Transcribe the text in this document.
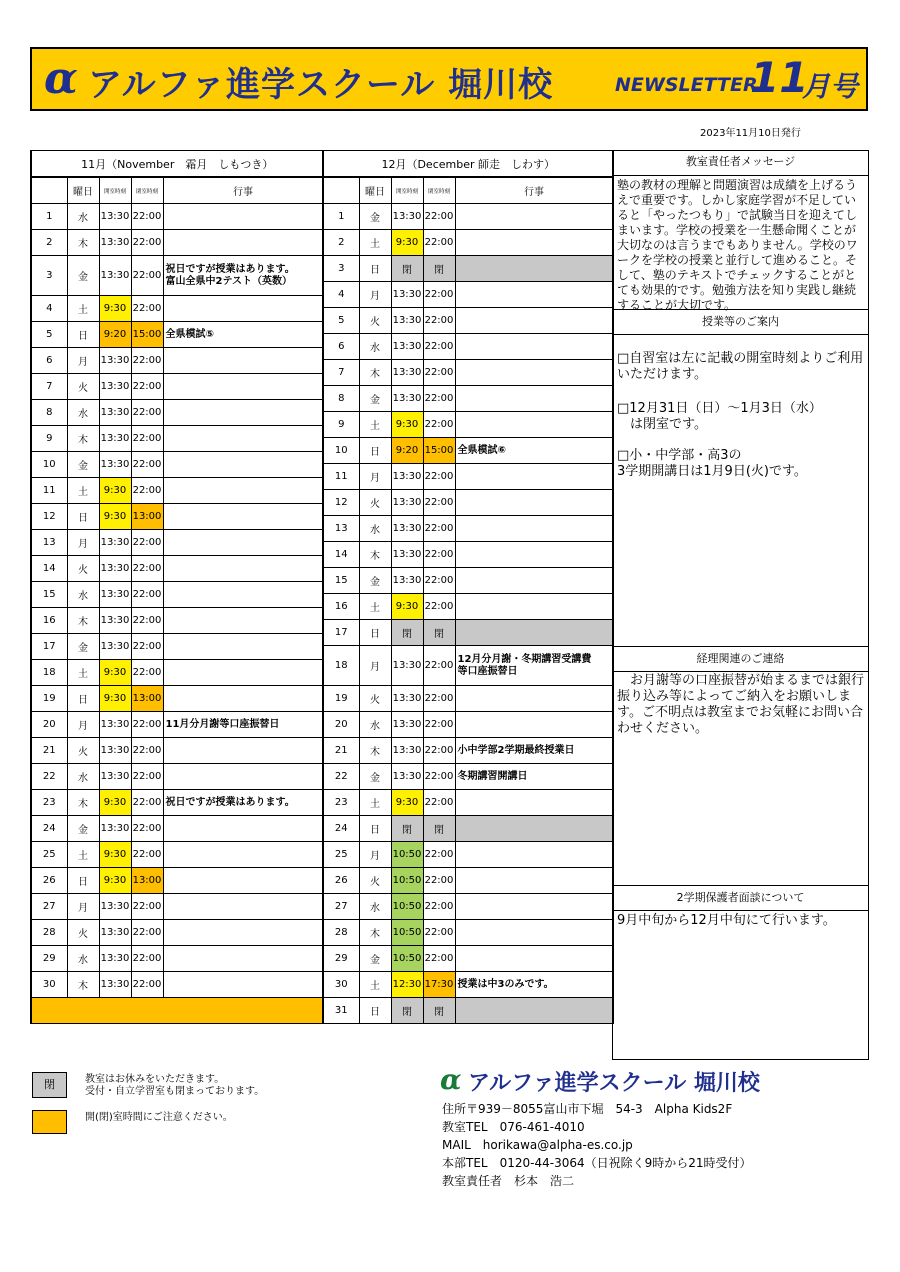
α アルファ進学スクール 堀川校	NEWSLETTER
11
月号
2023年11月10日発行
11月（November　霜月　しもつき）				
	曜日	開室時刻	閉室時刻	行事
1	水	13:30	22:00	
2	木	13:30	22:00	
3	金	13:30	22:00	祝日ですが授業はあります。
富山全県中2テスト（英数）
4	土	9:30	22:00	
5	日	9:20	15:00	全県模試⑤
6	月	13:30	22:00	
7	火	13:30	22:00	
8	水	13:30	22:00	
9	木	13:30	22:00	
10	金	13:30	22:00	
11	土	9:30	22:00	
12	日	9:30	13:00	
13	月	13:30	22:00	
14	火	13:30	22:00	
15	水	13:30	22:00	
16	木	13:30	22:00	
17	金	13:30	22:00	
18	土	9:30	22:00	
19	日	9:30	13:00	
20	月	13:30	22:00	11月分月謝等口座振替日
21	火	13:30	22:00	
22	水	13:30	22:00	
23	木	9:30	22:00	祝日ですが授業はあります。
24	金	13:30	22:00	
25	土	9:30	22:00	
26	日	9:30	13:00	
27	月	13:30	22:00	
28	火	13:30	22:00	
29	水	13:30	22:00	
30	木	13:30	22:00	

12月（December 師走　しわす）				
	曜日	開室時刻	閉室時刻	行事
1	金	13:30	22:00	
2	土	9:30	22:00	
3	日	閉	閉	
4	月	13:30	22:00	
5	火	13:30	22:00	
6	水	13:30	22:00	
7	木	13:30	22:00	
8	金	13:30	22:00	
9	土	9:30	22:00	
10	日	9:20	15:00	全県模試⑥
11	月	13:30	22:00	
12	火	13:30	22:00	
13	水	13:30	22:00	
14	木	13:30	22:00	
15	金	13:30	22:00	
16	土	9:30	22:00	
17	日	閉	閉	
18	月	13:30	22:00	12月分月謝・冬期講習受講費
等口座振替日
19	火	13:30	22:00	
20	水	13:30	22:00	
21	木	13:30	22:00	小中学部2学期最終授業日
22	金	13:30	22:00	冬期講習開講日
23	土	9:30	22:00	
24	日	閉	閉	
25	月	10:50	22:00	
26	火	10:50	22:00	
27	水	10:50	22:00	
28	木	10:50	22:00	
29	金	10:50	22:00	
30	土	12:30	17:30	授業は中3のみです。
31	日	閉	閉	
教室責任者メッセージ
塾の教材の理解と問題演習は成績を上げるうえで重要です。しかし家庭学習が不足していると「やったつもり」で試験当日を迎えてしまいます。学校の授業を一生懸命聞くことが大切なのは言うまでもありません。学校のワークを学校の授業と並行して進めること。そして、塾のテキストでチェックすることがとても効果的です。勉強方法を知り実践し継続することが大切です。
授業等のご案内
□自習室は左に記載の開室時刻よりご利用いただけます。
□12月31日（日）～1月3日（水）
　は閉室です。
□小・中学部・高3の
3学期開講日は1月9日(火)です。
経理関連のご連絡
　お月謝等の口座振替が始まるまでは銀行振り込み等によってご納入をお願いします。ご不明点は教室までお気軽にお問い合わせください。
2学期保護者面談について
9月中旬から12月中旬にて行います。
閉	教室はお休みをいただきます。
受付・自立学習室も閉まっております。
開(閉)室時間にご注意ください。
α アルファ進学スクール 堀川校
住所〒939－8055富山市下堀　54-3　Alpha Kids2F
教室TEL　076-461-4010
MAIL　horikawa@alpha-es.co.jp
本部TEL　0120-44-3064（日祝除く9時から21時受付）
教室責任者　杉本　浩二
